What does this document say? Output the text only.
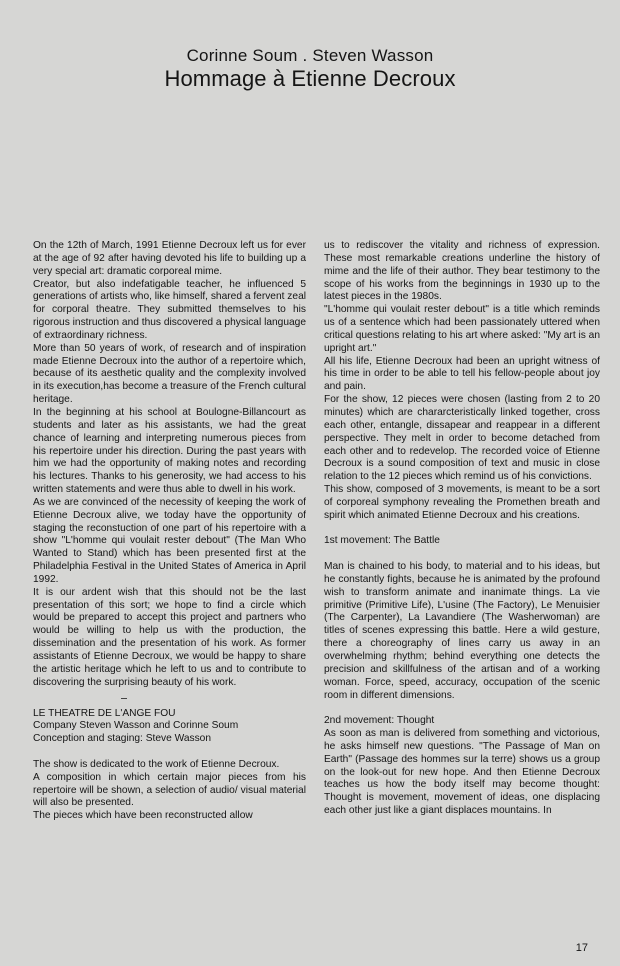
Corinne Soum . Steven Wasson
Hommage à Etienne Decroux

On the 12th of March, 1991 Etienne Decroux left us for ever at the age of 92 after having devoted his life to building up a very special art: dramatic corporeal mime.

Creator, but also indefatigable teacher, he influenced 5 generations of artists who, like himself, shared a fervent zeal for corporal theatre. They submitted themselves to his rigorous instruction and thus discovered a physical language of extraordinary richness.

More than 50 years of work, of research and of inspiration made Etienne Decroux into the author of a repertoire which, because of its aesthetic quality and the complexity involved in its execution,has become a treasure of the French cultural heritage.

In the beginning at his school at Boulogne-Billancourt as students and later as his assistants, we had the great chance of learning and interpreting numerous pieces from his repertoire under his direction. During the past years with him we had the opportunity of making notes and recording his lectures. Thanks to his generosity, we had access to his written statements and were thus able to dwell in his work.

As we are convinced of the necessity of keeping the work of Etienne Decroux alive, we today have the opportunity of staging the reconstuction of one part of his repertoire with a show "L'homme qui voulait rester debout" (The Man Who Wanted to Stand) which has been presented first at the Philadelphia Festival in the United States of America in April 1992.

It is our ardent wish that this should not be the last presentation of this sort; we hope to find a circle which would be prepared to accept this project and partners who would be willing to help us with the production, the dissemination and the presentation of his work. As former assistants of Etienne Decroux, we would be happy to share the artistic heritage which he left to us and to contribute to discovering the surprising beauty of his work.

LE THEATRE DE L'ANGE FOU

Company Steven Wasson and Corinne Soum

Conception and staging: Steve Wasson

The show is dedicated to the work of Etienne Decroux.

A composition in which certain major pieces from his repertoire will be shown, a selection of audio/ visual material will also be presented.

The pieces which have been reconstructed allow

us to rediscover the vitality and richness of expression. These most remarkable creations underline the history of mime and the life of their author. They bear testimony to the scope of his works from the beginnings in 1930 up to the latest pieces in the 1980s.

"L'homme qui voulait rester debout" is a title which reminds us of a sentence which had been passionately uttered when critical questions relating to his art where asked: "My art is an upright art."

All his life, Etienne Decroux had been an upright witness of his time in order to be able to tell his fellow-people about joy and pain.

For the show, 12 pieces were chosen (lasting from 2 to 20 minutes) which are chararcteristically linked together, cross each other, entangle, dissapear and reappear in a different perspective. They melt in order to become detached from each other and to redevelop. The recorded voice of Etienne Decroux is a sound composition of text and music in close relation to the 12 pieces which remind us of his convictions.

This show, composed of 3 movements, is meant to be a sort of corporeal symphony revealing the Promethen breath and spirit which animated Etienne Decroux and his creations.

1st movement: The Battle

Man is chained to his body, to material and to his ideas, but he constantly fights, because he is animated by the profound wish to transform animate and inanimate things. La vie primitive (Primitive Life), L'usine (The Factory), Le Menuisier (The Carpenter), La Lavandiere (The Washerwoman) are titles of scenes expressing this battle. Here a wild gesture, there a choreography of lines carry us away in an overwhelming rhythm; behind everything one detects the precision and skillfulness of the artisan and of a working woman. Force, speed, accuracy, occupation of the scenic room in different dimensions.

2nd movement: Thought

As soon as man is delivered from something and victorious, he asks himself new questions. "The Passage of Man on Earth" (Passage des hommes sur la terre) shows us a group on the look-out for new hope. And then Etienne Decroux teaches us how the body itself may become thought: Thought is movement, movement of ideas, one displacing each other just like a giant displaces mountains. In

17
